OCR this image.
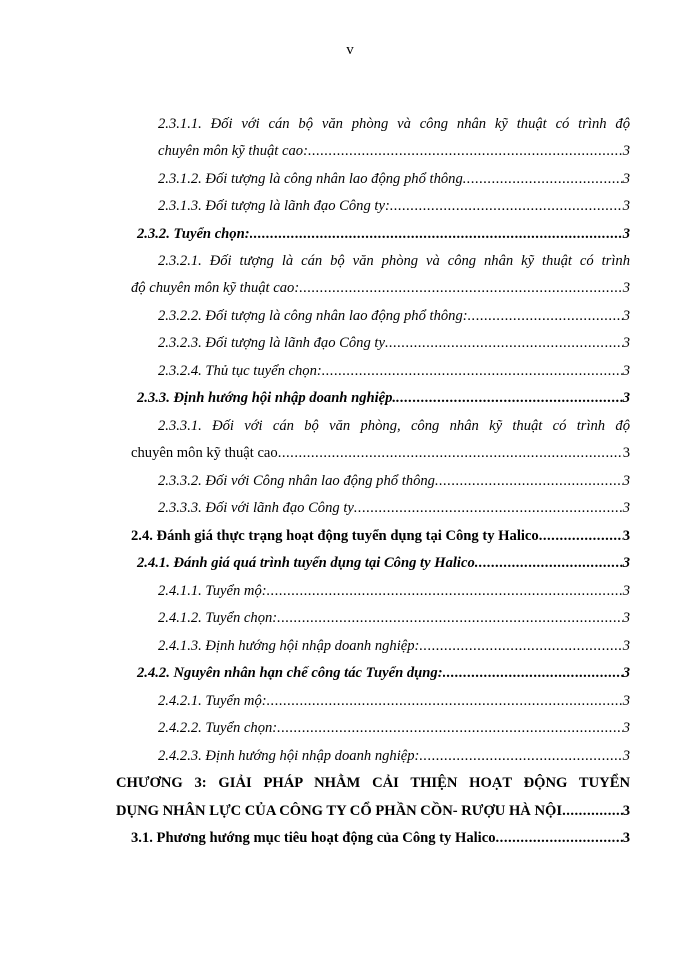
v
2.3.1.1. Đối với cán bộ văn phòng và công nhân kỹ thuật có trình độ
chuyên môn kỹ thuật cao: .....	3
2.3.1.2. Đối tượng là công nhân lao động phổ thông .....	3
2.3.1.3. Đối tượng là lãnh đạo Công ty: .....	3
2.3.2. Tuyển chọn: .....	3
2.3.2.1. Đối tượng là cán bộ văn phòng và công nhân kỹ thuật có trình
độ chuyên môn kỹ thuật cao: .....	3
2.3.2.2. Đối tượng là công nhân lao động phổ thông: .....	3
2.3.2.3. Đối tượng là lãnh đạo Công ty .....	3
2.3.2.4. Thủ tục tuyển chọn: .....	3
2.3.3. Định hướng hội nhập doanh nghiệp. .....	3
2.3.3.1. Đối với cán bộ văn phòng, công nhân kỹ thuật có trình độ
chuyên môn kỹ thuật cao .....	3
2.3.3.2. Đối với Công nhân lao động phổ thông .....	3
2.3.3.3. Đối với lãnh đạo Công ty .....	3
2.4. Đánh giá thực trạng hoạt động tuyển dụng tại Công ty Halico .....	3
2.4.1. Đánh giá quá trình tuyển dụng tại Công ty Halico .....	3
2.4.1.1. Tuyển mộ: .....	3
2.4.1.2. Tuyển chọn: .....	3
2.4.1.3. Định hướng hội nhập doanh nghiệp: .....	3
2.4.2. Nguyên nhân hạn chế công tác Tuyển dụng: .....	3
2.4.2.1. Tuyển mộ: .....	3
2.4.2.2. Tuyển chọn: .....	3
2.4.2.3. Định hướng hội nhập doanh nghiệp: .....	3
CHƯƠNG 3: GIẢI PHÁP NHẰM CẢI THIỆN HOẠT ĐỘNG TUYỂN
DỤNG NHÂN LỰC CỦA CÔNG TY CỔ PHẦN CỒN- RƯỢU HÀ NỘI .....	3
3.1. Phương hướng mục tiêu hoạt động của Công ty Halico .....	3
